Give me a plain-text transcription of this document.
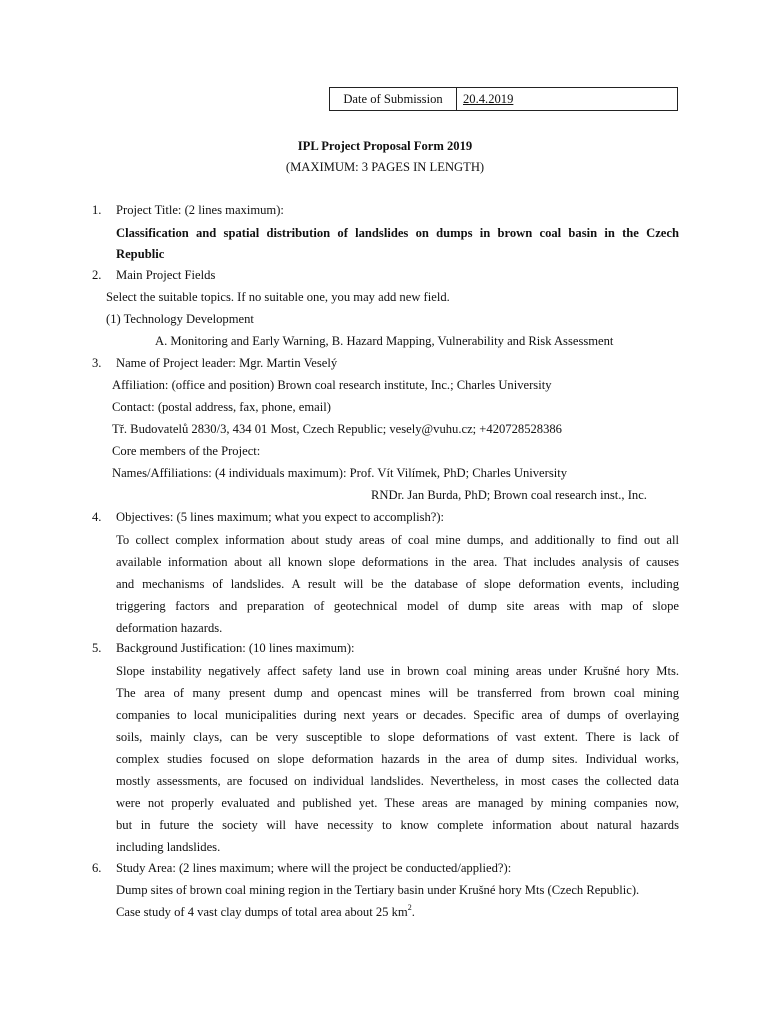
Date of Submission	20.4.2019
IPL Project Proposal Form 2019
(MAXIMUM: 3 PAGES IN LENGTH)
1. Project Title: (2 lines maximum):
Classification and spatial distribution of landslides on dumps in brown coal basin in the Czech
Republic
2. Main Project Fields
Select the suitable topics. If no suitable one, you may add new field.
(1) Technology Development
A. Monitoring and Early Warning, B. Hazard Mapping, Vulnerability and Risk Assessment
3. Name of Project leader: Mgr. Martin Veselý
Affiliation: (office and position) Brown coal research institute, Inc.; Charles University
Contact: (postal address, fax, phone, email)
Tř. Budovatelů 2830/3, 434 01 Most, Czech Republic; vesely@vuhu.cz; +420728528386
Core members of the Project:
Names/Affiliations: (4 individuals maximum): Prof. Vít Vilímek, PhD; Charles University
RNDr. Jan Burda, PhD; Brown coal research inst., Inc.
4. Objectives: (5 lines maximum; what you expect to accomplish?):
To collect complex information about study areas of coal mine dumps, and additionally to find out all
available information about all known slope deformations in the area. That includes analysis of causes
and mechanisms of landslides. A result will be the database of slope deformation events, including
triggering factors and preparation of geotechnical model of dump site areas with map of slope
deformation hazards.
5. Background Justification: (10 lines maximum):
Slope instability negatively affect safety land use in brown coal mining areas under Krušné hory Mts.
The area of many present dump and opencast mines will be transferred from brown coal mining
companies to local municipalities during next years or decades. Specific area of dumps of overlaying
soils, mainly clays, can be very susceptible to slope deformations of vast extent. There is lack of
complex studies focused on slope deformation hazards in the area of dump sites. Individual works,
mostly assessments, are focused on individual landslides. Nevertheless, in most cases the collected data
were not properly evaluated and published yet. These areas are managed by mining companies now,
but in future the society will have necessity to know complete information about natural hazards
including landslides.
6. Study Area: (2 lines maximum; where will the project be conducted/applied?):
Dump sites of brown coal mining region in the Tertiary basin under Krušné hory Mts (Czech Republic).
Case study of 4 vast clay dumps of total area about 25 $km^2$.
